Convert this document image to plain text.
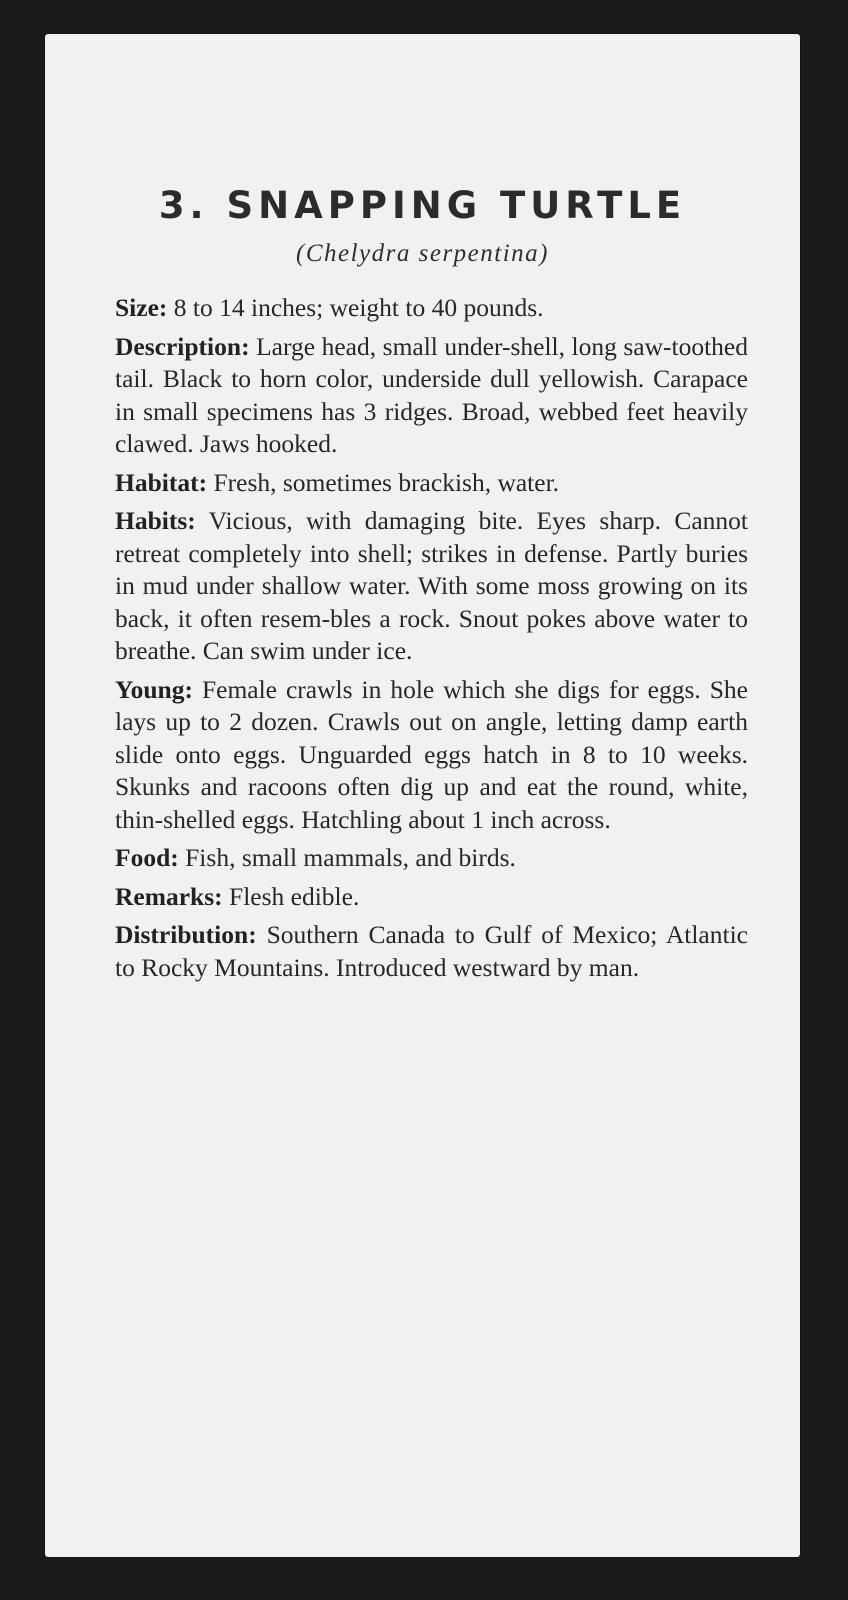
3. SNAPPING TURTLE

(Chelydra serpentina)

Size: 8 to 14 inches; weight to 40 pounds.

Description: Large head, small under-shell, long saw-toothed tail. Black to horn color, underside dull yellowish. Carapace in small specimens has 3 ridges. Broad, webbed feet heavily clawed. Jaws hooked.

Habitat: Fresh, sometimes brackish, water.

Habits: Vicious, with damaging bite. Eyes sharp. Cannot retreat completely into shell; strikes in defense. Partly buries in mud under shallow water. With some moss growing on its back, it often resem-bles a rock. Snout pokes above water to breathe. Can swim under ice.

Young: Female crawls in hole which she digs for eggs. She lays up to 2 dozen. Crawls out on angle, letting damp earth slide onto eggs. Unguarded eggs hatch in 8 to 10 weeks. Skunks and racoons often dig up and eat the round, white, thin-shelled eggs. Hatchling about 1 inch across.

Food: Fish, small mammals, and birds.

Remarks: Flesh edible.

Distribution: Southern Canada to Gulf of Mexico; Atlantic to Rocky Mountains. Introduced westward by man.
